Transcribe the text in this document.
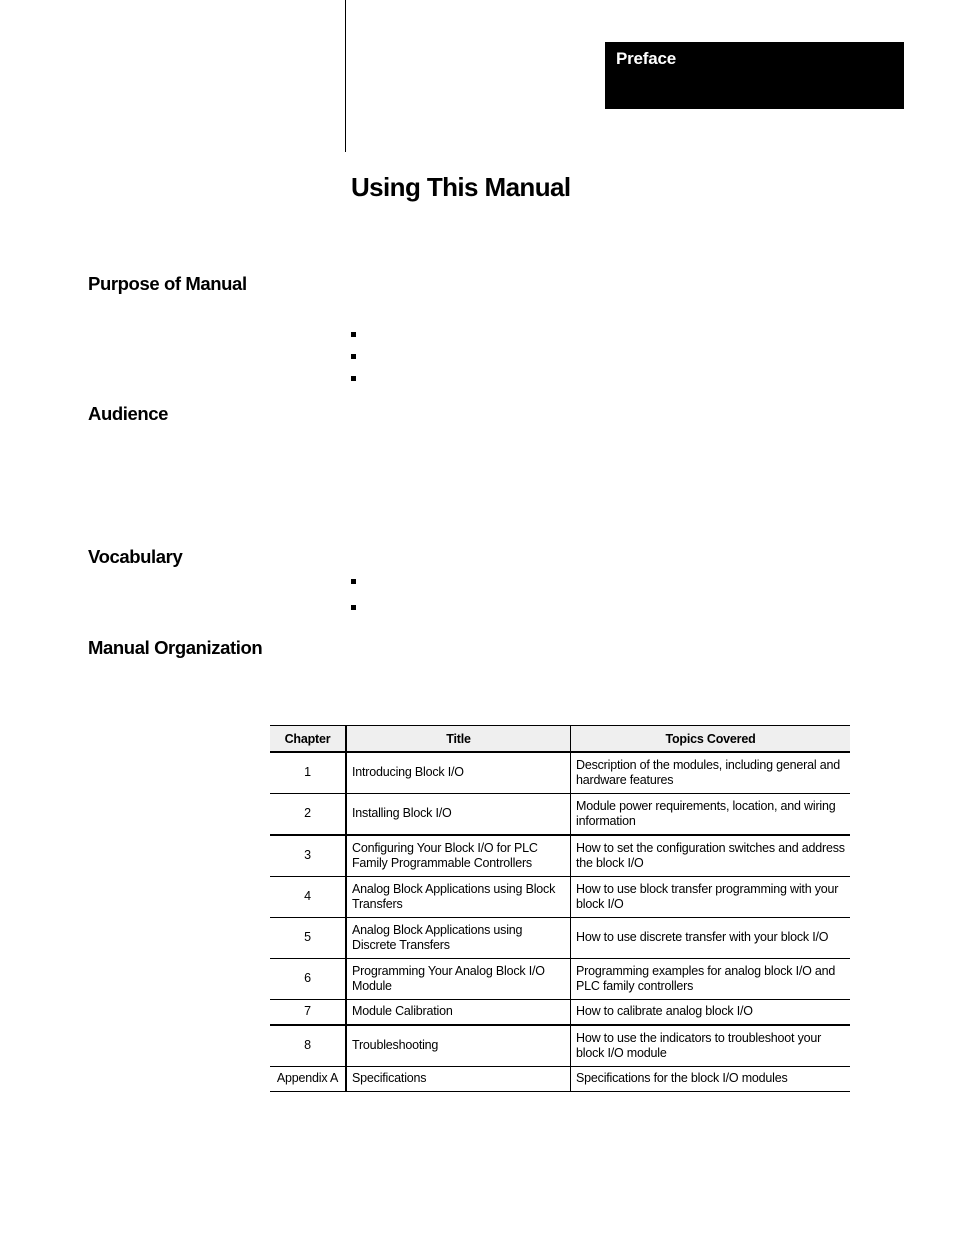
Preface
Using This Manual
Purpose of Manual
Audience
Vocabulary
Manual Organization
Chapter	Title	Topics Covered
1	Introducing Block I/O	Description of the modules, including general and hardware features
2	Installing Block I/O	Module power requirements, location, and wiring information
3	Configuring Your Block I/O for PLC Family Programmable Controllers	How to set the configuration switches and address the block I/O
4	Analog Block Applications using Block Transfers	How to use block transfer programming with your block I/O
5	Analog Block Applications using Discrete Transfers	How to use discrete transfer with your block I/O
6	Programming Your Analog Block I/O Module	Programming examples for analog block I/O and PLC family controllers
7	Module Calibration	How to calibrate analog block I/O
8	Troubleshooting	How to use the indicators to troubleshoot your block I/O module
Appendix A	Specifications	Specifications for the block I/O modules
